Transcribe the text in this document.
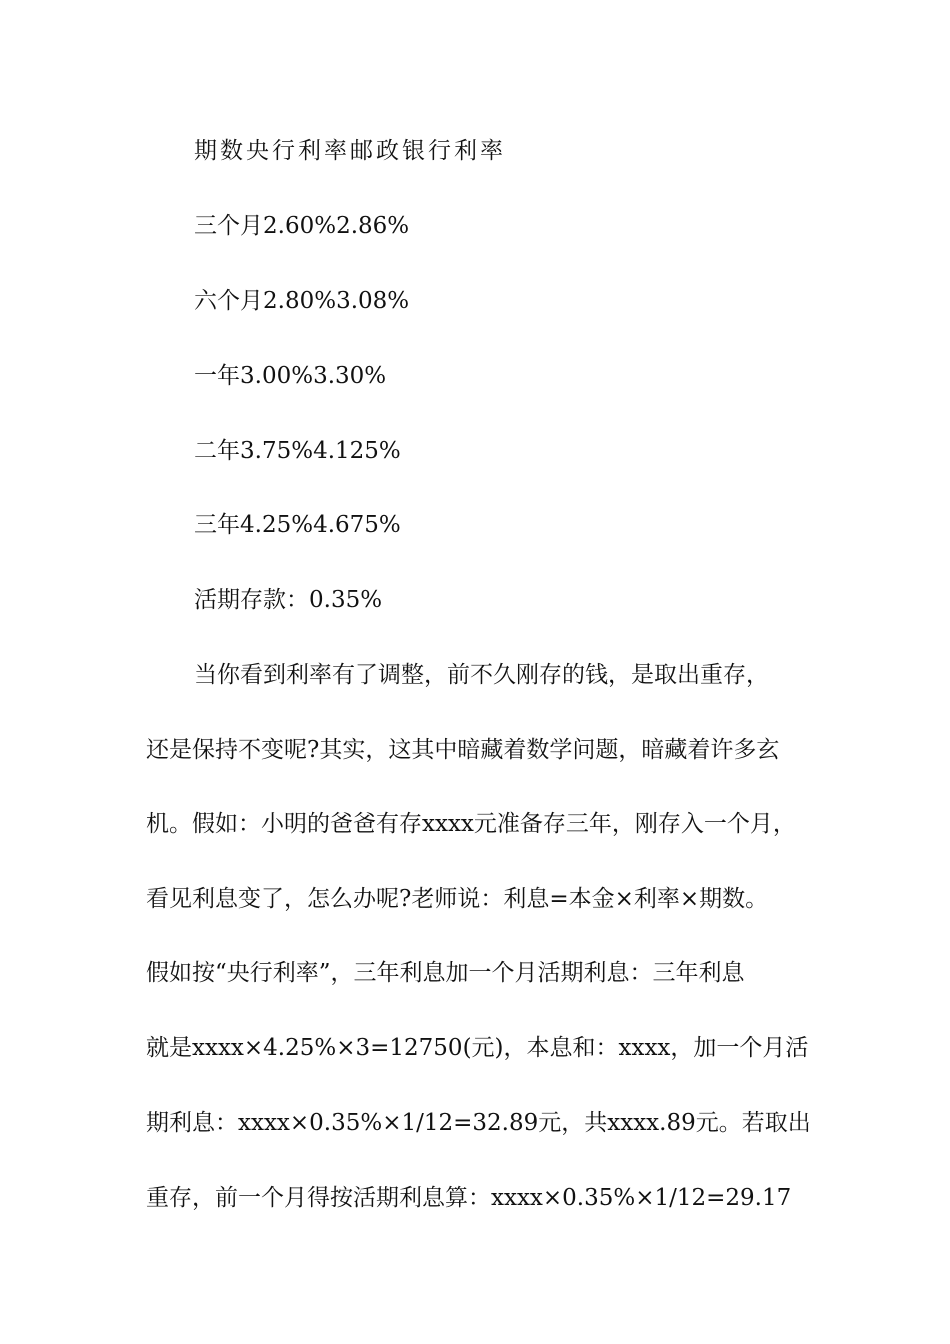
期数央行利率邮政银行利率
三个月2.60%2.86%
六个月2.80%3.08%
一年3.00%3.30%
二年3.75%4.125%
三年4.25%4.675%
活期存款：0.35%
当你看到利率有了调整，前不久刚存的钱，是取出重存，
还是保持不变呢?其实，这其中暗藏着数学问题，暗藏着许多玄
机。假如：小明的爸爸有存xxxx元准备存三年，刚存入一个月，
看见利息变了，怎么办呢?老师说：利息=本金×利率×期数。
假如按“央行利率”，三年利息加一个月活期利息：三年利息
就是xxxx×4.25%×3=12750(元)，本息和：xxxx，加一个月活
期利息：xxxx×0.35%×1/12=32.89元，共xxxx.89元。若取出
重存，前一个月得按活期利息算：xxxx×0.35%×1/12=29.17
